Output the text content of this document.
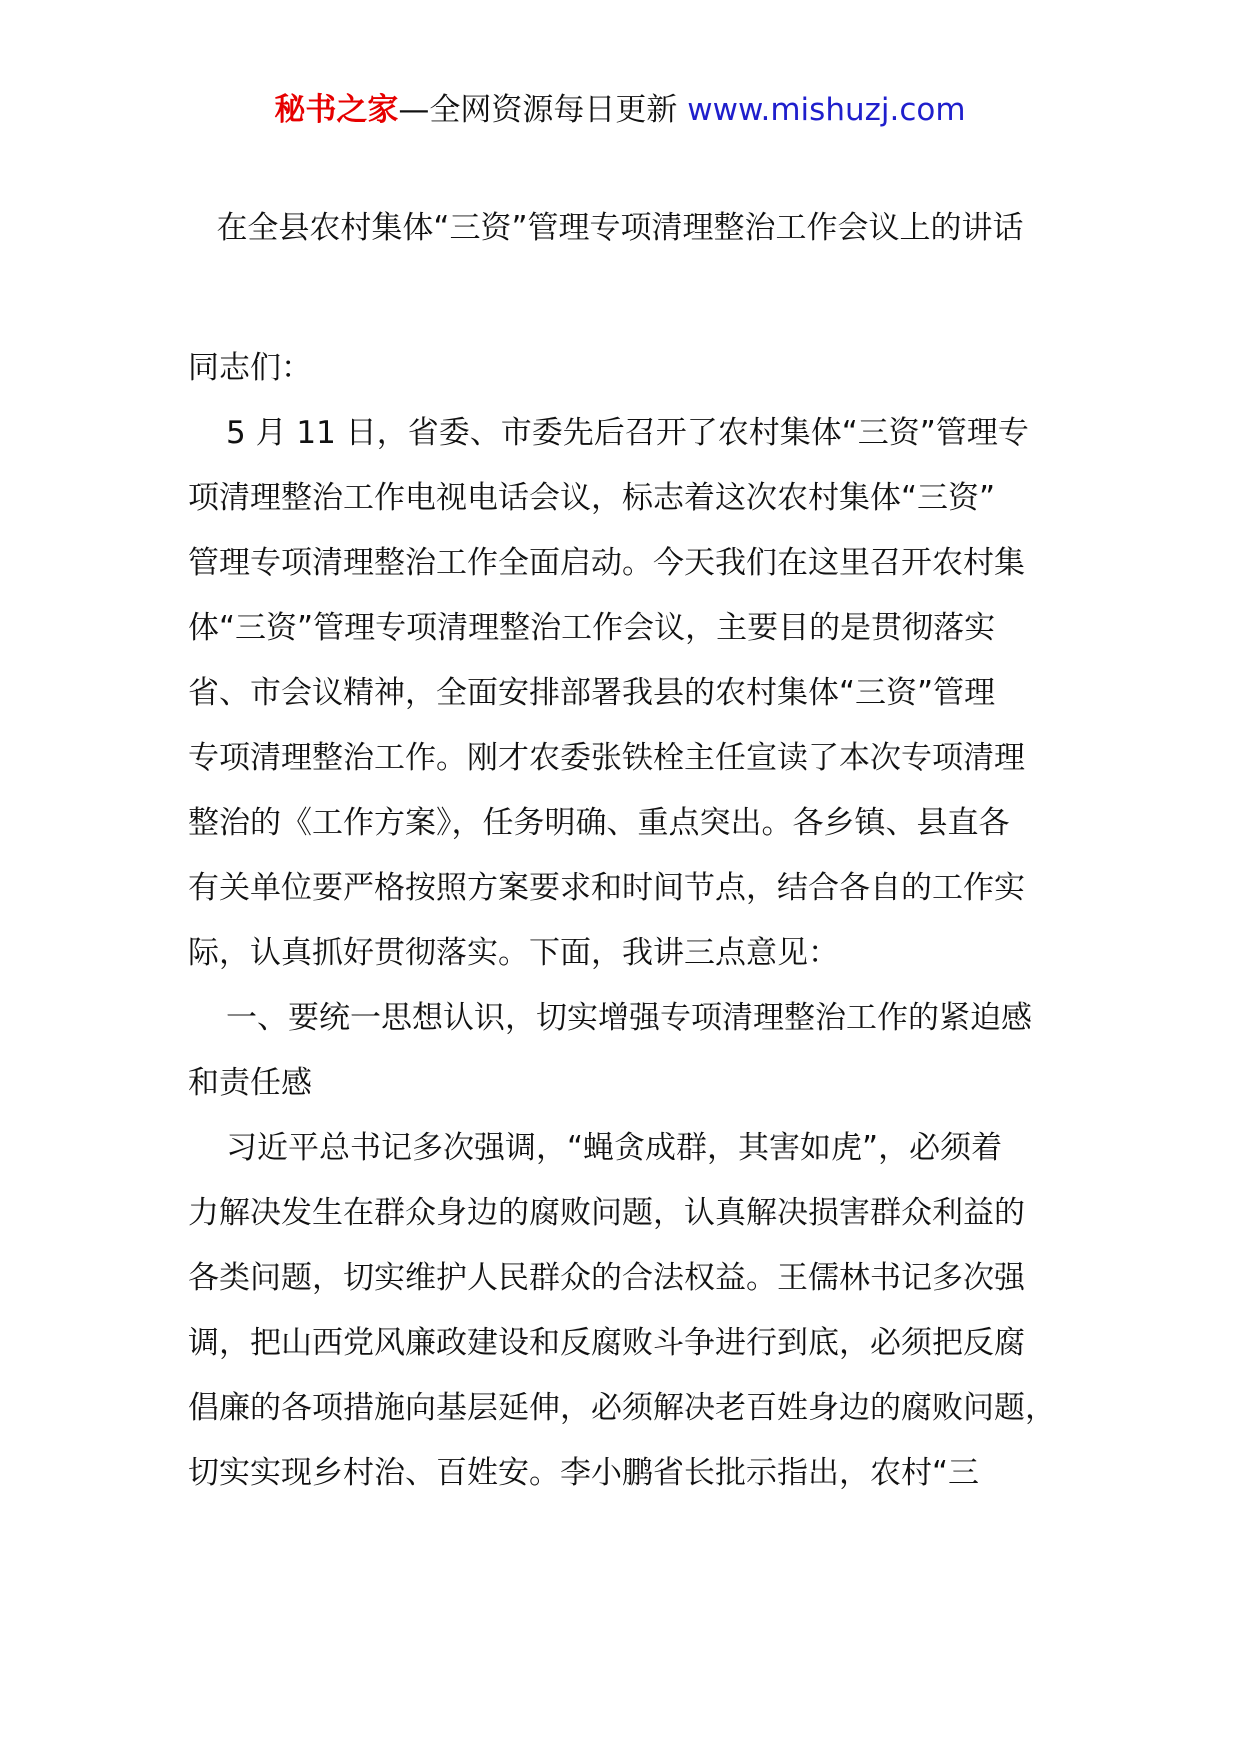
秘书之家—全网资源每日更新 www.mishuzj.com
在全县农村集体“三资”管理专项清理整治工作会议上的讲话
同志们：
5 月 11 日，省委、市委先后召开了农村集体“三资”管理专
项清理整治工作电视电话会议，标志着这次农村集体“三资”
管理专项清理整治工作全面启动。今天我们在这里召开农村集
体“三资”管理专项清理整治工作会议，主要目的是贯彻落实
省、市会议精神，全面安排部署我县的农村集体“三资”管理
专项清理整治工作。刚才农委张铁栓主任宣读了本次专项清理
整治的《工作方案》，任务明确、重点突出。各乡镇、县直各
有关单位要严格按照方案要求和时间节点，结合各自的工作实
际，认真抓好贯彻落实。下面，我讲三点意见：
一、要统一思想认识，切实增强专项清理整治工作的紧迫感
和责任感
习近平总书记多次强调，“蝇贪成群，其害如虎”，必须着
力解决发生在群众身边的腐败问题，认真解决损害群众利益的
各类问题，切实维护人民群众的合法权益。王儒林书记多次强
调，把山西党风廉政建设和反腐败斗争进行到底，必须把反腐
倡廉的各项措施向基层延伸，必须解决老百姓身边的腐败问题，
切实实现乡村治、百姓安。李小鹏省长批示指出，农村“三
